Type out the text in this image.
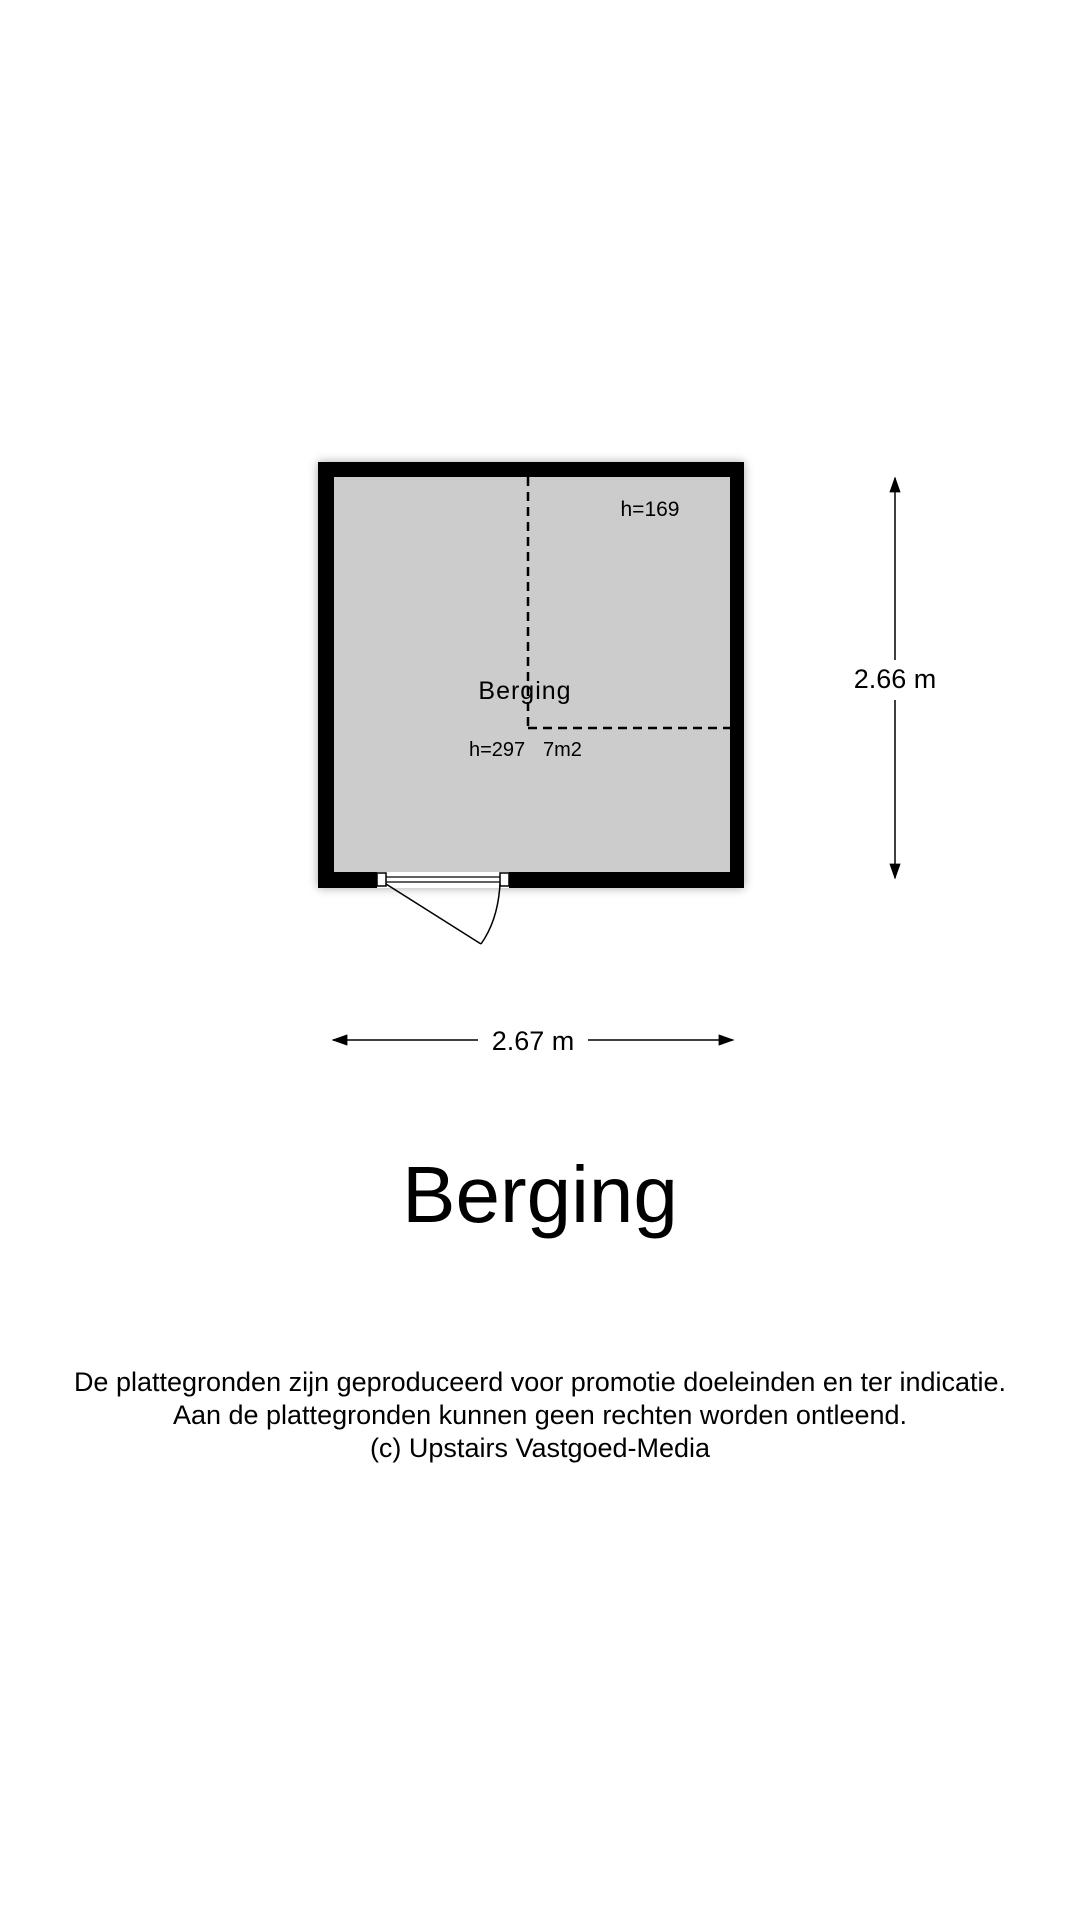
h=169
Berging
h=297 7m2
2.66 m
2.67 m
Berging
De plattegronden zijn geproduceerd voor promotie doeleinden en ter indicatie.
Aan de plattegronden kunnen geen rechten worden ontleend.
(c) Upstairs Vastgoed-Media
